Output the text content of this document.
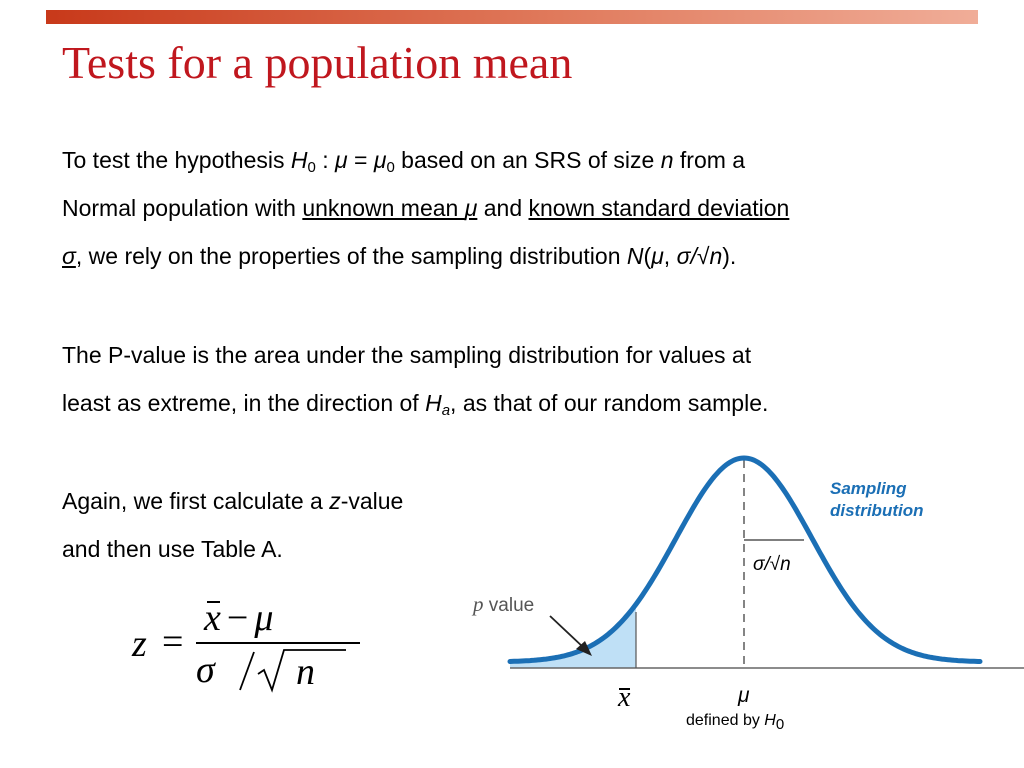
Tests for a population mean

To test the hypothesis $H_0$ : $\mu = \mu_0$ based on an SRS of size n from a
Normal population with unknown mean μ and known standard deviation
σ, we rely on the properties of the sampling distribution N(μ, σ/√n).

The P-value is the area under the sampling distribution for values at
least as extreme, in the direction of $H_a$, as that of our random sample.

Again, we first calculate a z-value
and then use Table A.

z =
x − μ
σ n
Sampling
distribution
σ/√n
p value
x	μ
defined by $H_0$
